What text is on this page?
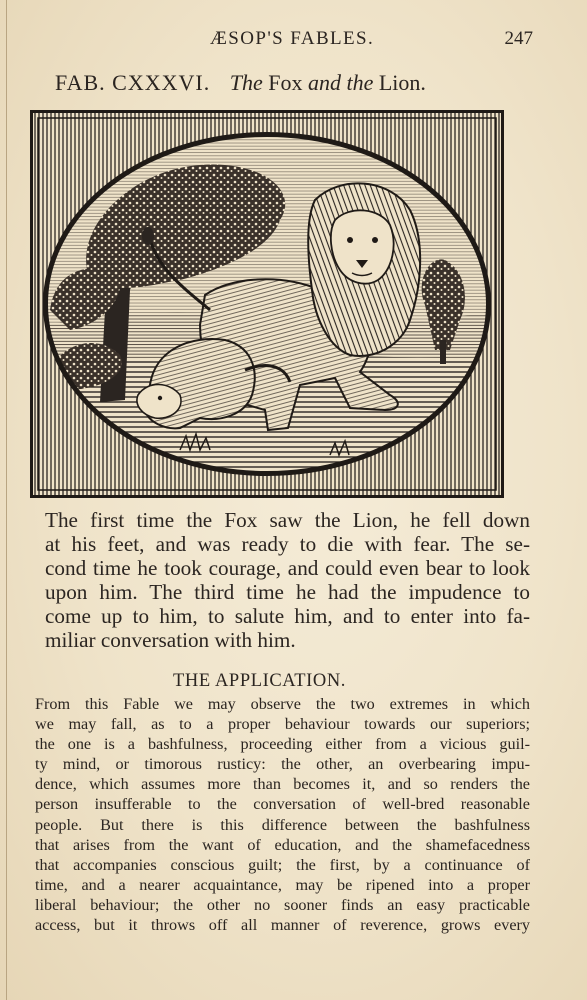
ÆSOP'S FABLES.	247
FAB. CXXXVI. The Fox and the Lion.
The first time the Fox saw the Lion, he fell down
at his feet, and was ready to die with fear. The se-
cond time he took courage, and could even bear to look
upon him. The third time he had the impudence to
come up to him, to salute him, and to enter into fa-
miliar conversation with him.
THE APPLICATION.
From this Fable we may observe the two extremes in which
we may fall, as to a proper behaviour towards our superiors;
the one is a bashfulness, proceeding either from a vicious guil-
ty mind, or timorous rusticy: the other, an overbearing impu-
dence, which assumes more than becomes it, and so renders the
person insufferable to the conversation of well-bred reasonable
people. But there is this difference between the bashfulness
that arises from the want of education, and the shamefacedness
that accompanies conscious guilt; the first, by a continuance of
time, and a nearer acquaintance, may be ripened into a proper
liberal behaviour; the other no sooner finds an easy practicable
access, but it throws off all manner of reverence, grows every
